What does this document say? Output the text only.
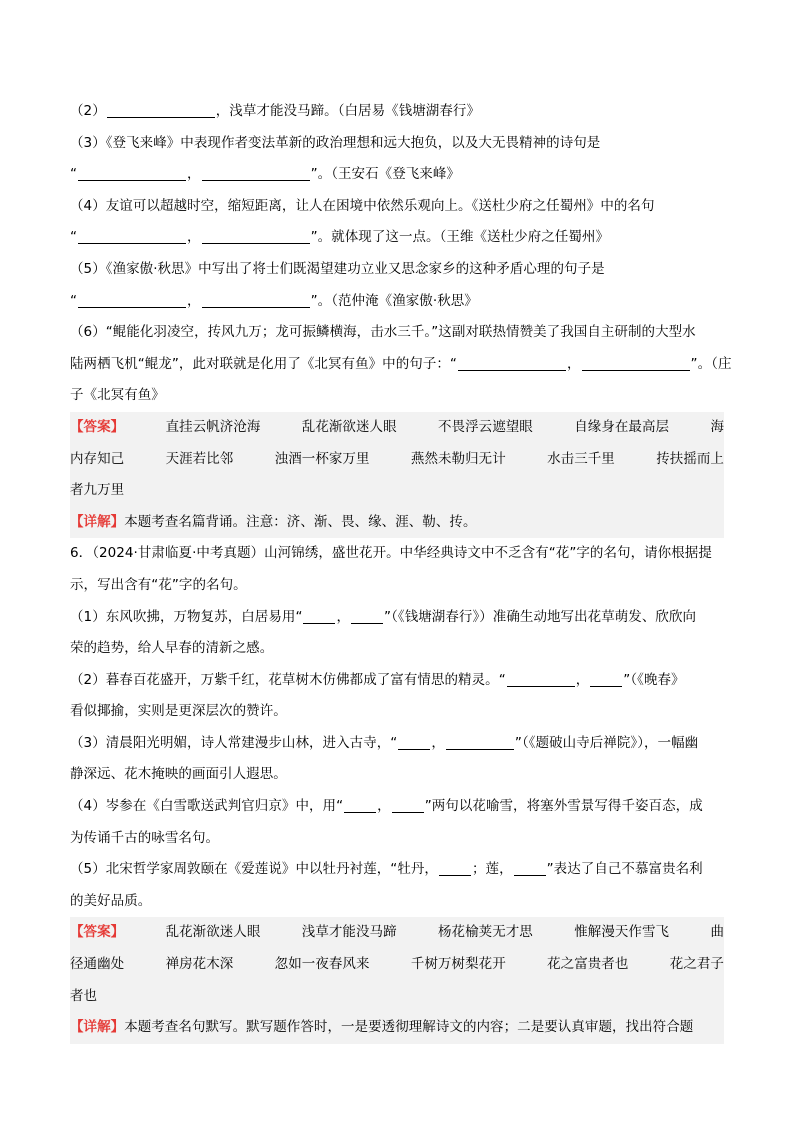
（2）	，浅草才能没马蹄。（白居易《钱塘湖春行》
（3）《登飞来峰》中表现作者变法革新的政治理想和远大抱负，以及大无畏精神的诗句是
“	，	”。（王安石《登飞来峰》
（4）友谊可以超越时空，缩短距离，让人在困境中依然乐观向上。《送杜少府之任蜀州》中的名句
“	，	”。就体现了这一点。（王维《送杜少府之任蜀州》
（5）《渔家傲·秋思》中写出了将士们既渴望建功立业又思念家乡的这种矛盾心理的句子是
“	，	”。（范仲淹《渔家傲·秋思》
（6）“鲲能化羽凌空，抟风九万；龙可振鳞横海，击水三千。”这副对联热情赞美了我国自主研制的大型水
陆两栖飞机“鲲龙”，此对联就是化用了《北冥有鱼》中的句子：“	，	”。（庄
子《北冥有鱼》
【答案】	直挂云帆济沧海	乱花渐欲迷人眼	不畏浮云遮望眼	自缘身在最高层	海
内存知己	天涯若比邻	浊酒一杯家万里	燕然未勒归无计	水击三千里	抟扶摇而上
者九万里
【详解】本题考查名篇背诵。注意：济、渐、畏、缘、涯、勒、抟。
6．（2024·甘肃临夏·中考真题）山河锦绣，盛世花开。中华经典诗文中不乏含有“花”字的名句，请你根据提
示，写出含有“花”字的名句。
（1）东风吹拂，万物复苏，白居易用“	，	”（《钱塘湖春行》）准确生动地写出花草萌发、欣欣向
荣的趋势，给人早春的清新之感。
（2）暮春百花盛开，万紫千红，花草树木仿佛都成了富有情思的精灵。“	，	”（《晚春》
看似揶揄，实则是更深层次的赞许。
（3）清晨阳光明媚，诗人常建漫步山林，进入古寺，“	，	”（《题破山寺后禅院》），一幅幽
静深远、花木掩映的画面引人遐思。
（4）岑参在《白雪歌送武判官归京》中，用“	，	”两句以花喻雪，将塞外雪景写得千姿百态，成
为传诵千古的咏雪名句。
（5）北宋哲学家周敦颐在《爱莲说》中以牡丹衬莲，“牡丹，	；莲，	”表达了自己不慕富贵名利
的美好品质。
【答案】	乱花渐欲迷人眼	浅草才能没马蹄	杨花榆荚无才思	惟解漫天作雪飞	曲
径通幽处	禅房花木深	忽如一夜春风来	千树万树梨花开	花之富贵者也	花之君子
者也
【详解】本题考查名句默写。默写题作答时，一是要透彻理解诗文的内容；二是要认真审题，找出符合题
